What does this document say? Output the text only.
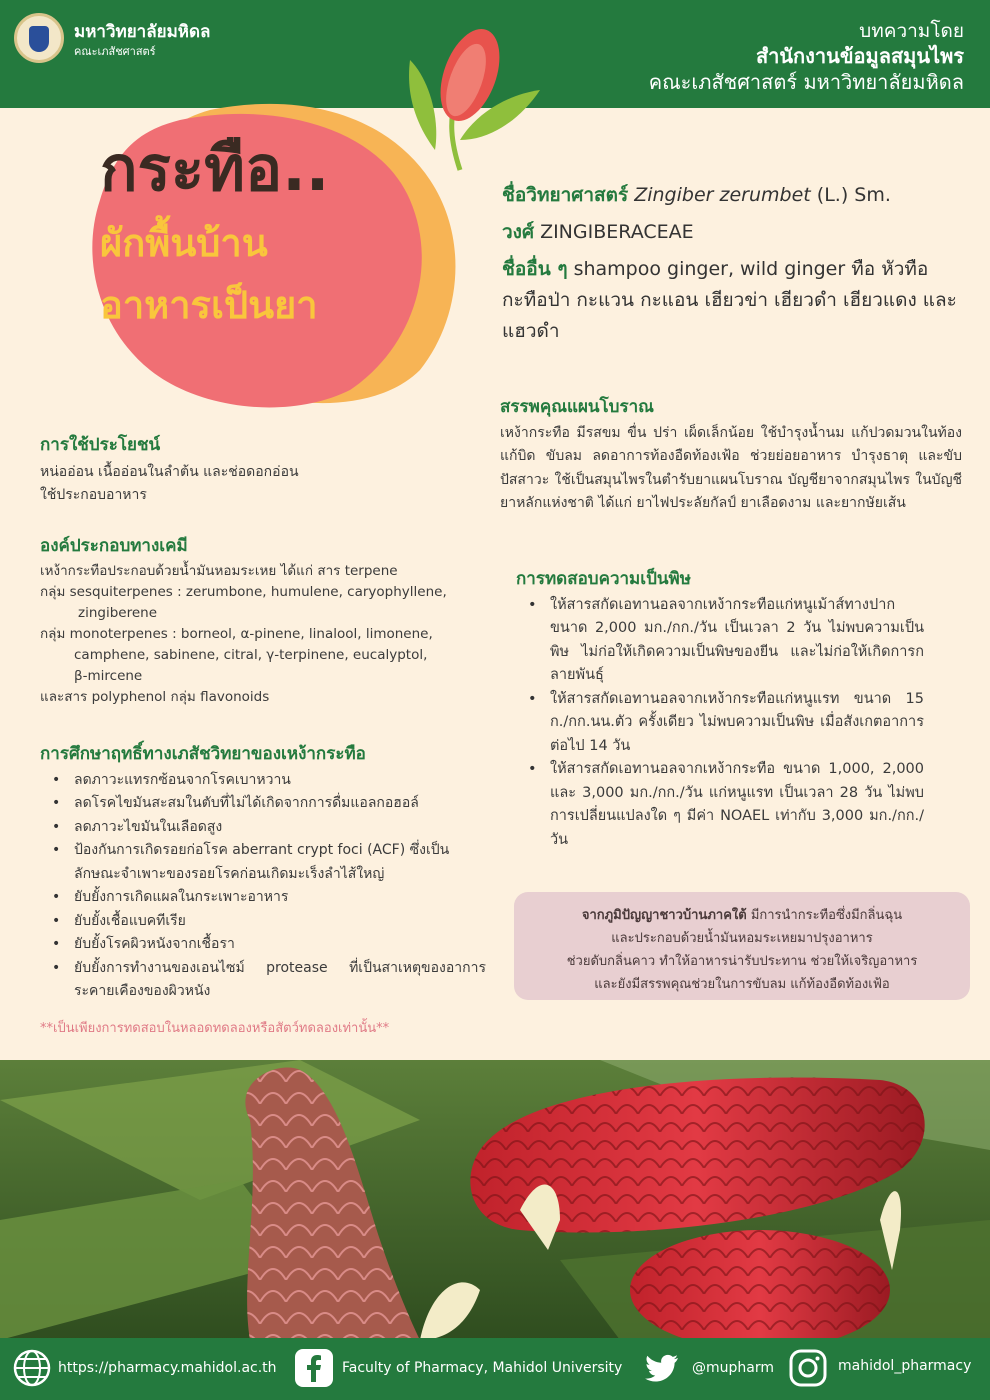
มหาวิทยาลัยมหิดล
คณะเภสัชศาสตร์
บทความโดย
สำนักงานข้อมูลสมุนไพร
คณะเภสัชศาสตร์ มหาวิทยาลัยมหิดล
กระทือ..
ผักพื้นบ้าน
อาหารเป็นยา
ชื่อวิทยาศาสตร์ Zingiber zerumbet (L.) Sm.
วงศ์ ZINGIBERACEAE
ชื่ออื่น ๆ shampoo ginger, wild ginger ทือ หัวทือ กะทือป่า กะแวน กะแอน เฮียวข่า เฮียวดำ เฮียวแดง และแฮวดำ
การใช้ประโยชน์

หน่ออ่อน เนื้ออ่อนในลำต้น และช่อดอกอ่อน

ใช้ประกอบอาหาร

องค์ประกอบทางเคมี

เหง้ากระทือประกอบด้วยน้ำมันหอมระเหย ได้แก่ สาร terpene

กลุ่ม sesquiterpenes : zerumbone, humulene, caryophyllene,

zingiberene

กลุ่ม monoterpenes : borneol, α-pinene, linalool, limonene,

camphene, sabinene, citral, γ-terpinene, eucalyptol,

β-mircene

และสาร polyphenol กลุ่ม flavonoids

การศึกษาฤทธิ์ทางเภสัชวิทยาของเหง้ากระทือ
• ลดภาวะแทรกซ้อนจากโรคเบาหวาน
• ลดโรคไขมันสะสมในตับที่ไม่ได้เกิดจากการดื่มแอลกอฮอล์
• ลดภาวะไขมันในเลือดสูง
• ป้องกันการเกิดรอยก่อโรค aberrant crypt foci (ACF) ซึ่งเป็นลักษณะจำเพาะของรอยโรคก่อนเกิดมะเร็งลำไส้ใหญ่
• ยับยั้งการเกิดแผลในกระเพาะอาหาร
• ยับยั้งเชื้อแบคทีเรีย
• ยับยั้งโรคผิวหนังจากเชื้อรา
• ยับยั้งการทำงานของเอนไซม์ protease ที่เป็นสาเหตุของอาการระคายเคืองของผิวหนัง
**เป็นเพียงการทดสอบในหลอดทดลองหรือสัตว์ทดลองเท่านั้น**
สรรพคุณแผนโบราณ

เหง้ากระทือ มีรสขม ขื่น ปร่า เผ็ดเล็กน้อย ใช้บำรุงน้ำนม แก้ปวดมวนในท้อง แก้บิด ขับลม ลดอาการท้องอืดท้องเฟ้อ ช่วยย่อยอาหาร บำรุงธาตุ และขับปัสสาวะ ใช้เป็นสมุนไพรในตำรับยาแผนโบราณ บัญชียาจากสมุนไพร ในบัญชียาหลักแห่งชาติ ได้แก่ ยาไฟประลัยกัลป์ ยาเลือดงาม และยากษัยเส้น

การทดสอบความเป็นพิษ
• ให้สารสกัดเอทานอลจากเหง้ากระทือแก่หนูเม้าส์ทางปากขนาด 2,000 มก./กก./วัน เป็นเวลา 2 วัน ไม่พบความเป็นพิษ ไม่ก่อให้เกิดความเป็นพิษของยีน และไม่ก่อให้เกิดการกลายพันธุ์
• ให้สารสกัดเอทานอลจากเหง้ากระทือแก่หนูแรท ขนาด 15 ก./กก.นน.ตัว ครั้งเดียว ไม่พบความเป็นพิษ เมื่อสังเกตอาการต่อไป 14 วัน
• ให้สารสกัดเอทานอลจากเหง้ากระทือ ขนาด 1,000, 2,000 และ 3,000 มก./กก./วัน แก่หนูแรท เป็นเวลา 28 วัน ไม่พบการเปลี่ยนแปลงใด ๆ มีค่า NOAEL เท่ากับ 3,000 มก./กก./วัน
จากภูมิปัญญาชาวบ้านภาคใต้ มีการนำกระทือซึ่งมีกลิ่นฉุน
และประกอบด้วยน้ำมันหอมระเหยมาปรุงอาหาร
ช่วยดับกลิ่นคาว ทำให้อาหารน่ารับประทาน ช่วยให้เจริญอาหาร
และยังมีสรรพคุณช่วยในการขับลม แก้ท้องอืดท้องเฟ้อ
https://pharmacy.mahidol.ac.th	Faculty of Pharmacy, Mahidol University	@mupharm	mahidol_pharmacy
